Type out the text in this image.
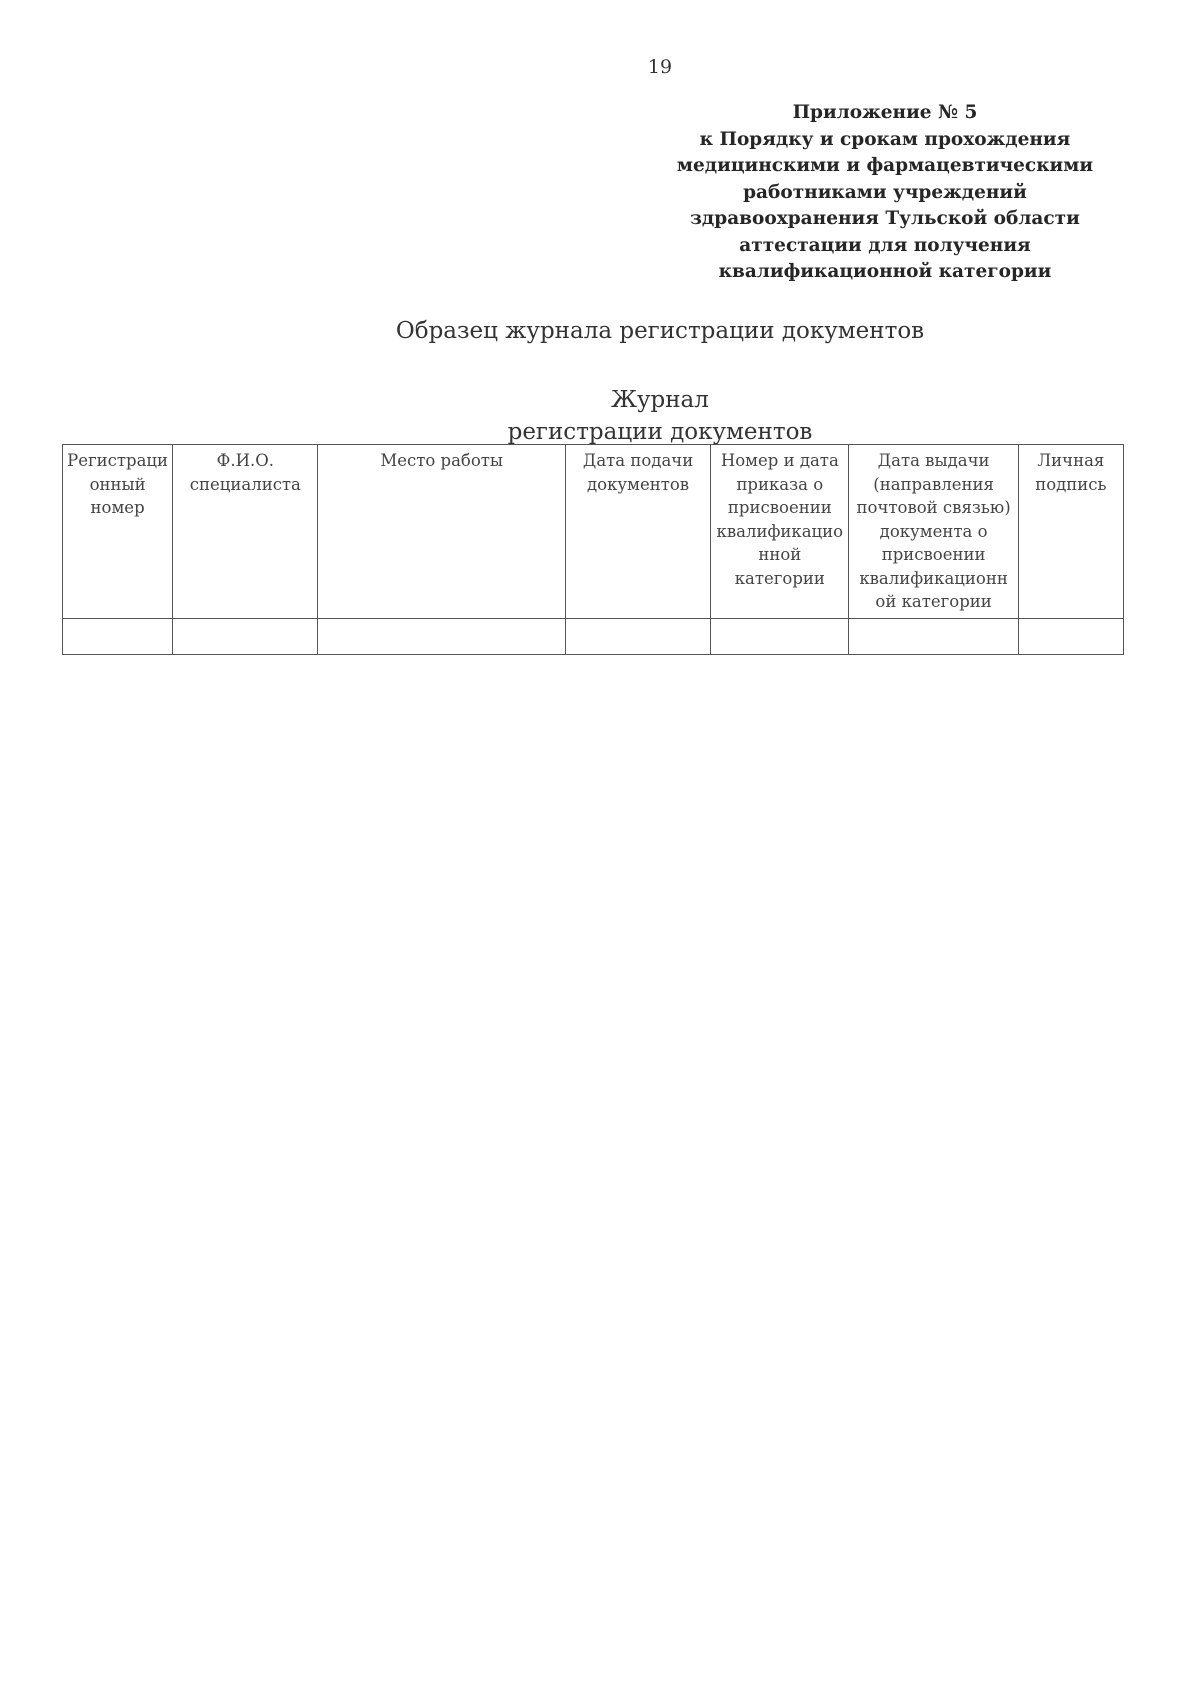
19
Приложение № 5
к Порядку и срокам прохождения
медицинскими и фармацевтическими
работниками учреждений
здравоохранения Тульской области
аттестации для получения
квалификационной категории
Образец журнала регистрации документов
Журнал
регистрации документов
Регистраци онный номер	Ф.И.О. специалиста	Место работы	Дата подачи документов	Номер и дата приказа о присвоении квалификацио нной категории	Дата выдачи (направления почтовой связью) документа о присвоении квалификационн ой категории	Личная подпись
